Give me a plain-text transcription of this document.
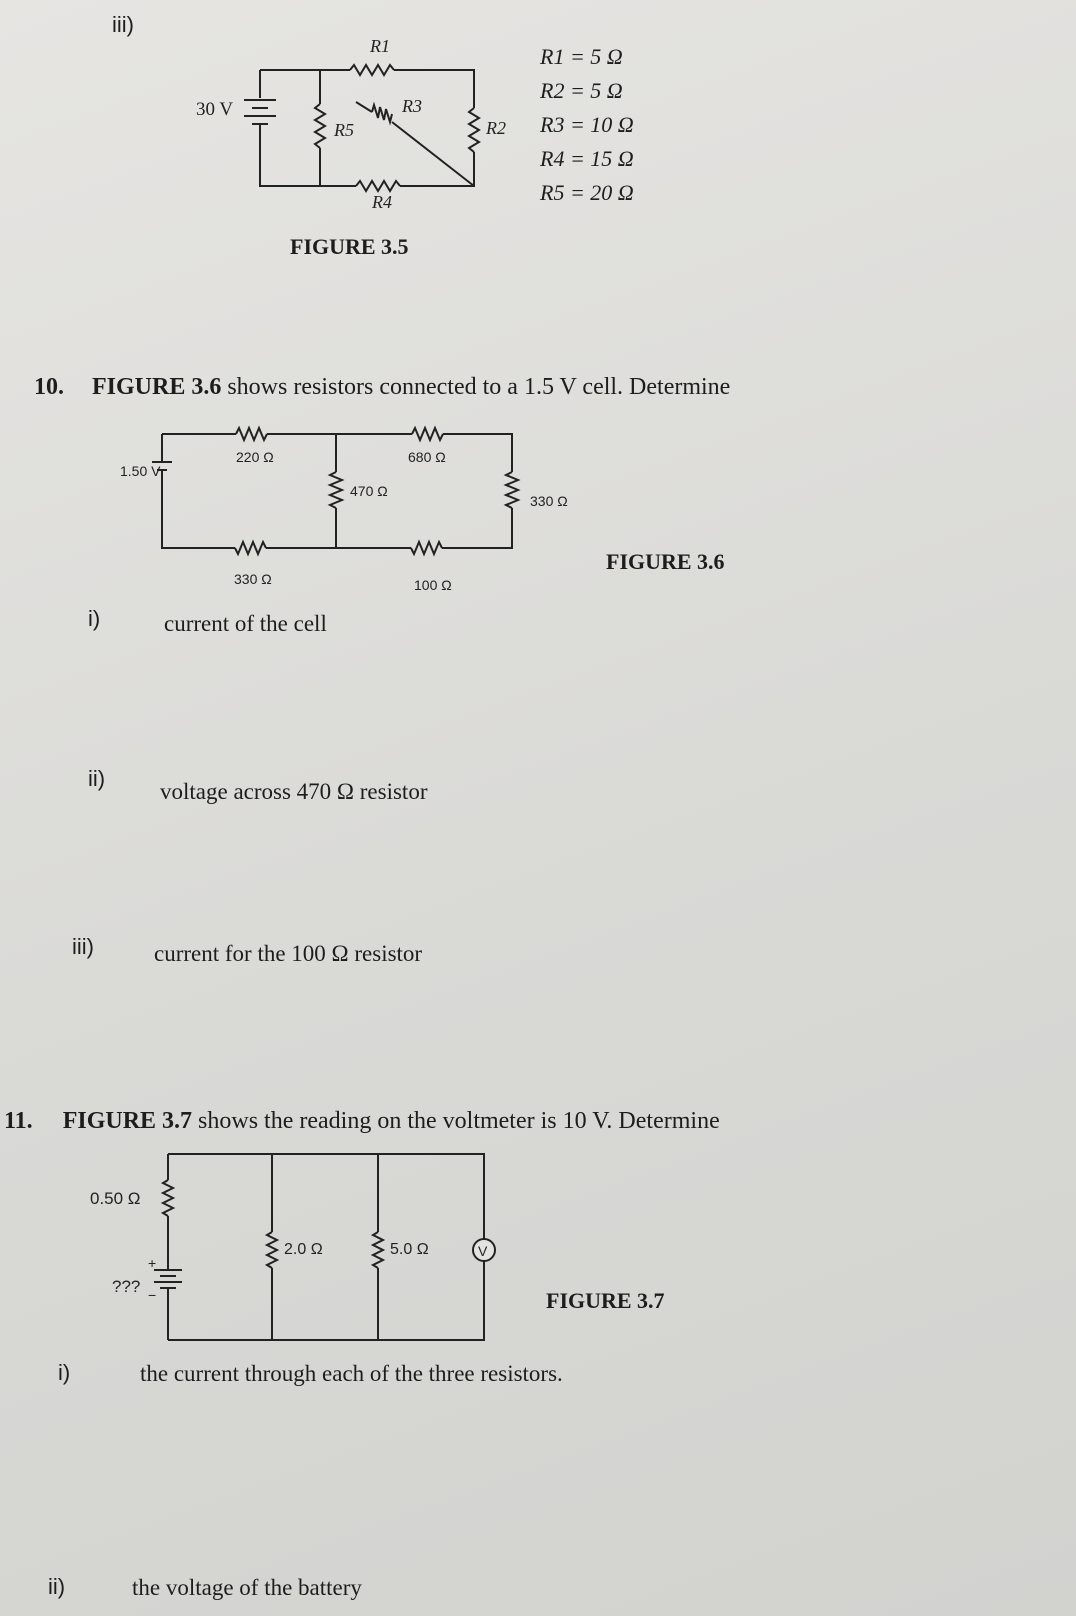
iii)
R1
R2
R3
R4
R5
30 V
R1 = 5 Ω
R2 = 5 Ω
R3 = 10 Ω
R4 = 15 Ω
R5 = 20 Ω
FIGURE 3.5
10. FIGURE 3.6 shows resistors connected to a 1.5 V cell. Determine
1.50 V
220 Ω	680 Ω
470 Ω
330 Ω
330 Ω	100 Ω
FIGURE 3.6
i)	current of the cell
ii)
voltage across 470 Ω resistor
iii)	current for the 100 Ω resistor
11. FIGURE 3.7 shows the reading on the voltmeter is 10 V. Determine
+
−
0.50 Ω
???
2.0 Ω	5.0 Ω	V
FIGURE 3.7
i)	the current through each of the three resistors.
ii)	the voltage of the battery
